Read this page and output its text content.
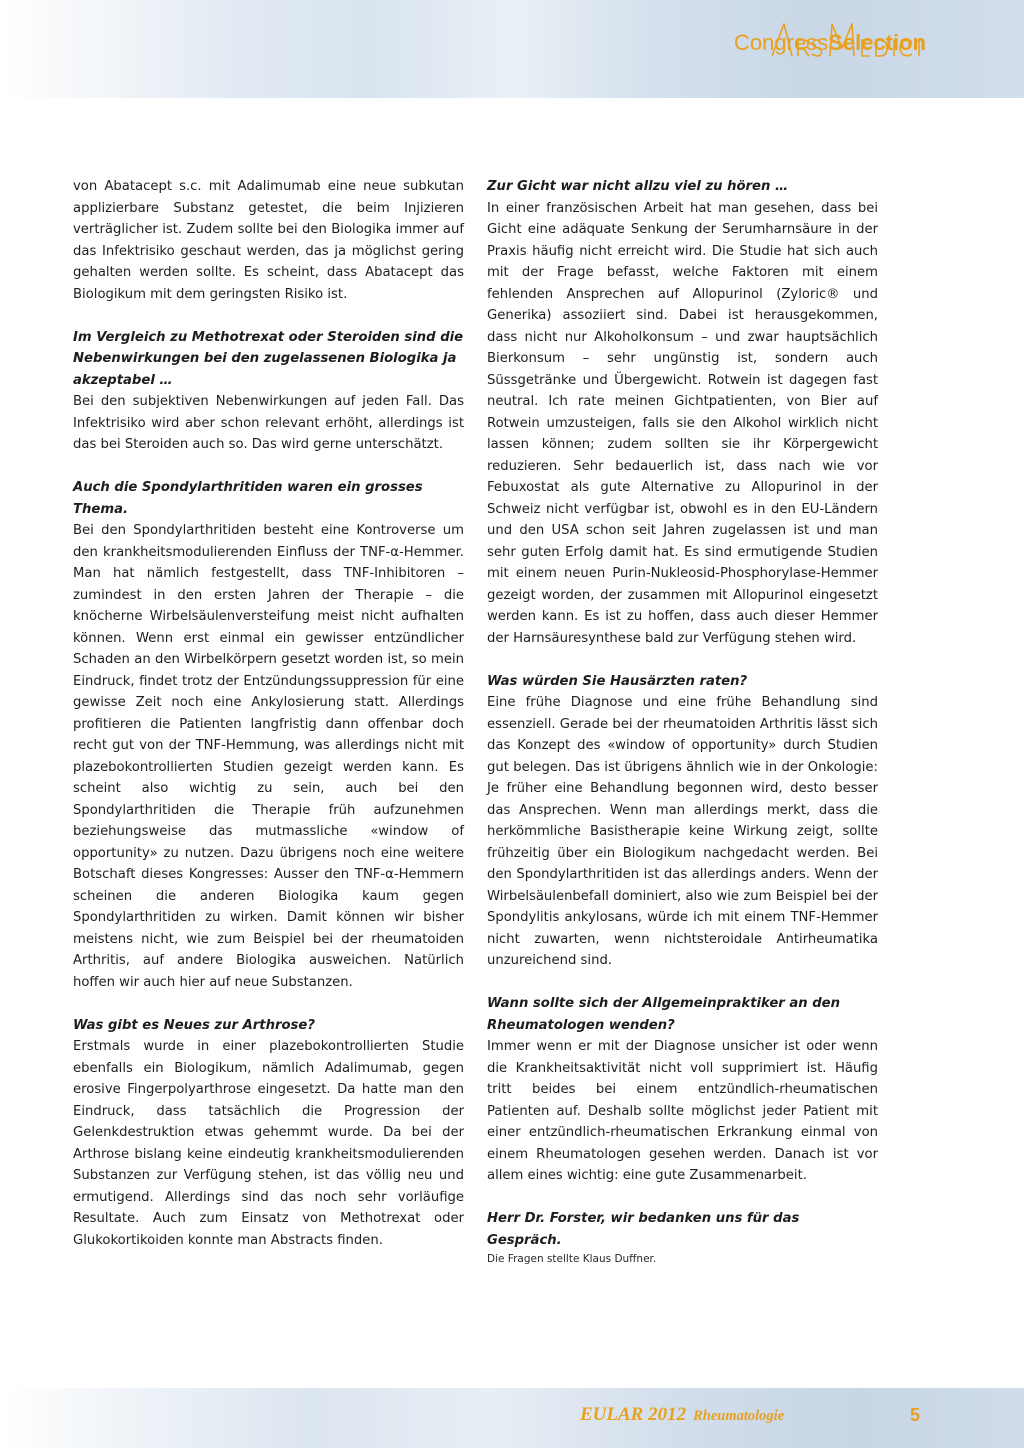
Congress Selection

von Abatacept s.c. mit Adalimumab eine neue subkutan applizierbare Substanz getestet, die beim Injizieren verträglicher ist. Zudem sollte bei den Biologika immer auf das Infektrisiko geschaut werden, das ja möglichst gering gehalten werden sollte. Es scheint, dass Abatacept das Biologikum mit dem geringsten Risiko ist.

Im Vergleich zu Methotrexat oder Steroiden sind die Nebenwirkungen bei den zugelassenen Biologika ja akzeptabel …

Bei den subjektiven Nebenwirkungen auf jeden Fall. Das Infektrisiko wird aber schon relevant erhöht, allerdings ist das bei Steroiden auch so. Das wird gerne unterschätzt.

Auch die Spondylarthritiden waren ein grosses Thema.

Bei den Spondylarthritiden besteht eine Kontroverse um den krankheitsmodulierenden Einfluss der TNF-α-Hemmer. Man hat nämlich festgestellt, dass TNF-Inhibitoren – zumindest in den ersten Jahren der Therapie – die knöcherne Wirbelsäulenversteifung meist nicht aufhalten können. Wenn erst einmal ein gewisser entzündlicher Schaden an den Wirbelkörpern gesetzt worden ist, so mein Eindruck, findet trotz der Entzündungssuppression für eine gewisse Zeit noch eine Ankylosierung statt. Allerdings profitieren die Patienten langfristig dann offenbar doch recht gut von der TNF-Hemmung, was allerdings nicht mit plazebokontrollierten Studien gezeigt werden kann. Es scheint also wichtig zu sein, auch bei den Spondylarthritiden die Therapie früh aufzunehmen beziehungsweise das mutmassliche «window of opportunity» zu nutzen. Dazu übrigens noch eine weitere Botschaft dieses Kongresses: Ausser den TNF-α-Hemmern scheinen die anderen Biologika kaum gegen Spondylarthritiden zu wirken. Damit können wir bisher meistens nicht, wie zum Beispiel bei der rheumatoiden Arthritis, auf andere Biologika ausweichen. Natürlich hoffen wir auch hier auf neue Substanzen.

Was gibt es Neues zur Arthrose?

Erstmals wurde in einer plazebokontrollierten Studie ebenfalls ein Biologikum, nämlich Adalimumab, gegen erosive Fingerpolyarthrose eingesetzt. Da hatte man den Eindruck, dass tatsächlich die Progression der Gelenkdestruktion etwas gehemmt wurde. Da bei der Arthrose bislang keine eindeutig krankheitsmodulierenden Substanzen zur Verfügung stehen, ist das völlig neu und ermutigend. Allerdings sind das noch sehr vorläufige Resultate. Auch zum Einsatz von Methotrexat oder Glukokortikoiden konnte man Abstracts finden.

Zur Gicht war nicht allzu viel zu hören …

In einer französischen Arbeit hat man gesehen, dass bei Gicht eine adäquate Senkung der Serumharnsäure in der Praxis häufig nicht erreicht wird. Die Studie hat sich auch mit der Frage befasst, welche Faktoren mit einem fehlenden Ansprechen auf Allopurinol (Zyloric® und Generika) assoziiert sind. Dabei ist herausgekommen, dass nicht nur Alkoholkonsum – und zwar hauptsächlich Bierkonsum – sehr ungünstig ist, sondern auch Süssgetränke und Übergewicht. Rotwein ist dagegen fast neutral. Ich rate meinen Gichtpatienten, von Bier auf Rotwein umzusteigen, falls sie den Alkohol wirklich nicht lassen können; zudem sollten sie ihr Körpergewicht reduzieren. Sehr bedauerlich ist, dass nach wie vor Febuxostat als gute Alternative zu Allopurinol in der Schweiz nicht verfügbar ist, obwohl es in den EU-Ländern und den USA schon seit Jahren zugelassen ist und man sehr guten Erfolg damit hat. Es sind ermutigende Studien mit einem neuen Purin-Nukleosid-Phosphorylase-Hemmer gezeigt worden, der zusammen mit Allopurinol eingesetzt werden kann. Es ist zu hoffen, dass auch dieser Hemmer der Harnsäuresynthese bald zur Verfügung stehen wird.

Was würden Sie Hausärzten raten?

Eine frühe Diagnose und eine frühe Behandlung sind essenziell. Gerade bei der rheumatoiden Arthritis lässt sich das Konzept des «window of opportunity» durch Studien gut belegen. Das ist übrigens ähnlich wie in der Onkologie: Je früher eine Behandlung begonnen wird, desto besser das Ansprechen. Wenn man allerdings merkt, dass die herkömmliche Basistherapie keine Wirkung zeigt, sollte frühzeitig über ein Biologikum nachgedacht werden. Bei den Spondylarthritiden ist das allerdings anders. Wenn der Wirbelsäulenbefall dominiert, also wie zum Beispiel bei der Spondylitis ankylosans, würde ich mit einem TNF-Hemmer nicht zuwarten, wenn nichtsteroidale Antirheumatika unzureichend sind.

Wann sollte sich der Allgemeinpraktiker an den Rheumatologen wenden?

Immer wenn er mit der Diagnose unsicher ist oder wenn die Krankheitsaktivität nicht voll supprimiert ist. Häufig tritt beides bei einem entzündlich-rheumatischen Patienten auf. Deshalb sollte möglichst jeder Patient mit einer entzündlich-rheumatischen Erkrankung einmal von einem Rheumatologen gesehen werden. Danach ist vor allem eines wichtig: eine gute Zusammenarbeit.

Herr Dr. Forster, wir bedanken uns für das Gespräch.

Die Fragen stellte Klaus Duffner.

EULAR 2012 Rheumatologie	5
